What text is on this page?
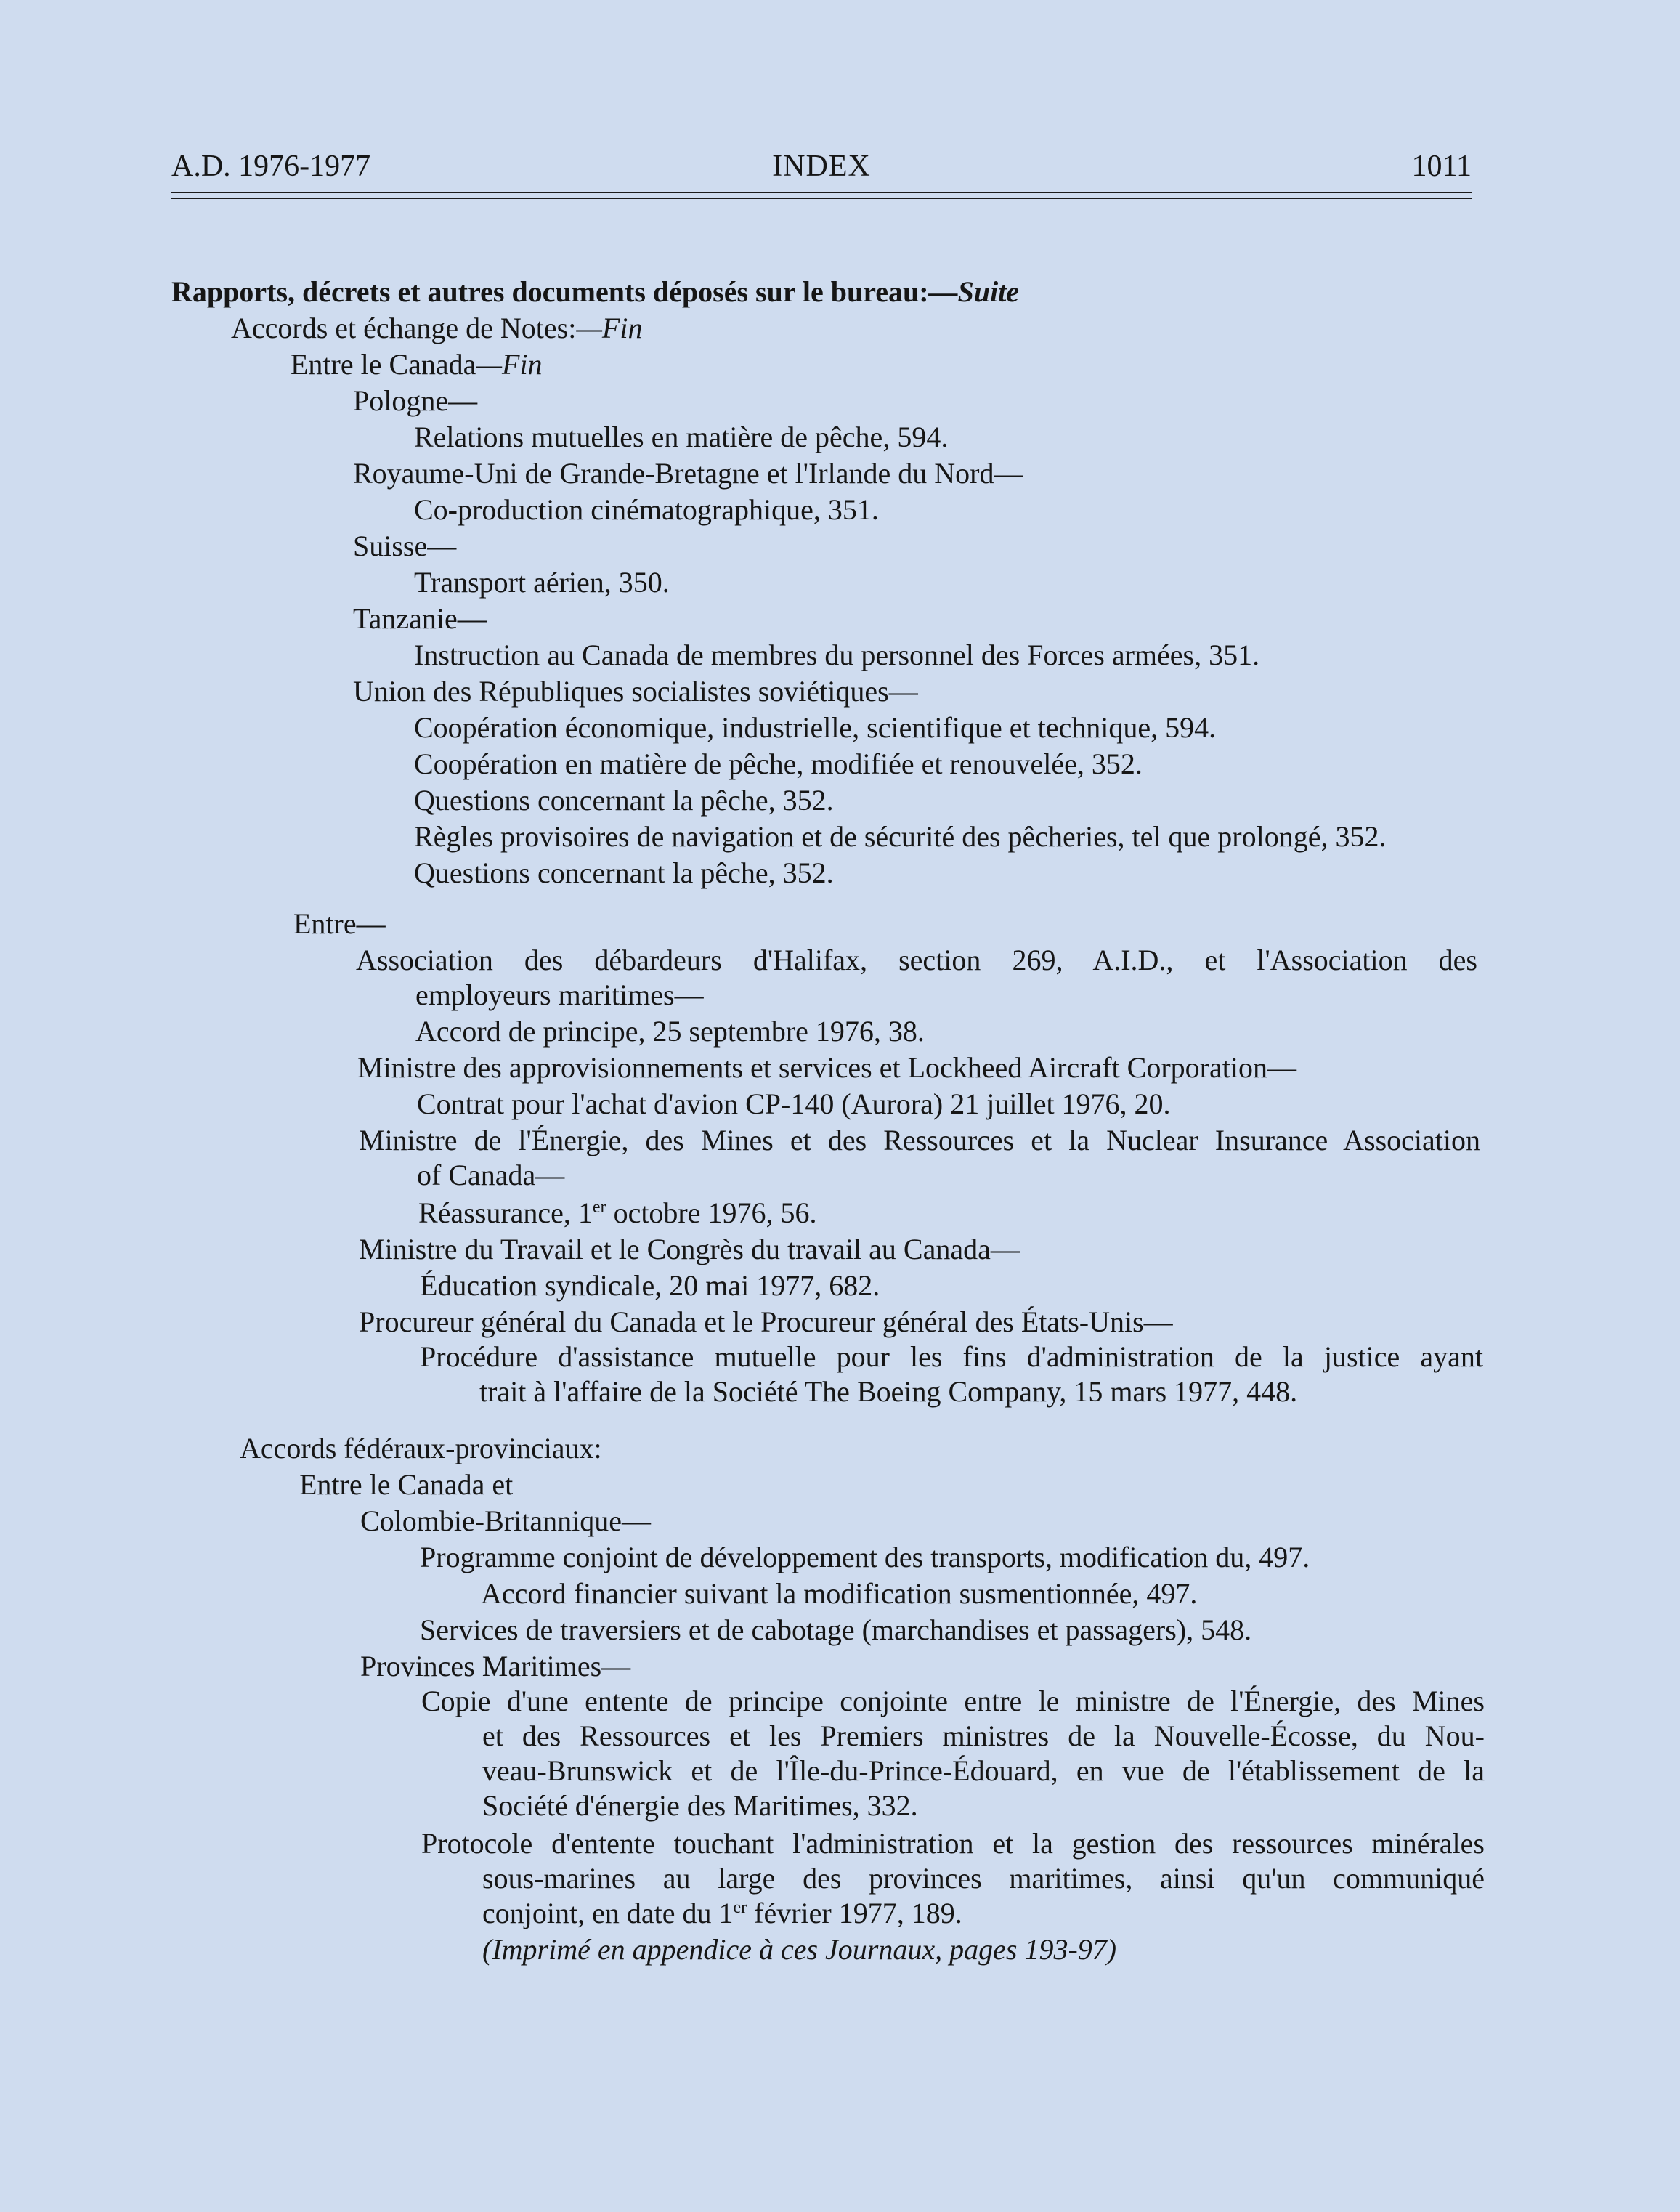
A.D. 1976-1977	INDEX	1011
Rapports, décrets et autres documents déposés sur le bureau:—Suite
Accords et échange de Notes:—Fin
Entre le Canada—Fin
Pologne—
Relations mutuelles en matière de pêche, 594.
Royaume-Uni de Grande-Bretagne et l'Irlande du Nord—
Co-production cinématographique, 351.
Suisse—
Transport aérien, 350.
Tanzanie—
Instruction au Canada de membres du personnel des Forces armées, 351.
Union des Républiques socialistes soviétiques—
Coopération économique, industrielle, scientifique et technique, 594.
Coopération en matière de pêche, modifiée et renouvelée, 352.
Questions concernant la pêche, 352.
Règles provisoires de navigation et de sécurité des pêcheries, tel que prolongé, 352.
Questions concernant la pêche, 352.
Entre—
Association des débardeurs d'Halifax, section 269, A.I.D., et l'Association des
employeurs maritimes—
Accord de principe, 25 septembre 1976, 38.
Ministre des approvisionnements et services et Lockheed Aircraft Corporation—
Contrat pour l'achat d'avion CP-140 (Aurora) 21 juillet 1976, 20.
Ministre de l'Énergie, des Mines et des Ressources et la Nuclear Insurance Association
of Canada—
Réassurance, 1er octobre 1976, 56.
Ministre du Travail et le Congrès du travail au Canada—
Éducation syndicale, 20 mai 1977, 682.
Procureur général du Canada et le Procureur général des États-Unis—
Procédure d'assistance mutuelle pour les fins d'administration de la justice ayant
trait à l'affaire de la Société The Boeing Company, 15 mars 1977, 448.
Accords fédéraux-provinciaux:
Entre le Canada et
Colombie-Britannique—
Programme conjoint de développement des transports, modification du, 497.
Accord financier suivant la modification susmentionnée, 497.
Services de traversiers et de cabotage (marchandises et passagers), 548.
Provinces Maritimes—
Copie d'une entente de principe conjointe entre le ministre de l'Énergie, des Mines
et des Ressources et les Premiers ministres de la Nouvelle-Écosse, du Nou-
veau-Brunswick et de l'Île-du-Prince-Édouard, en vue de l'établissement de la
Société d'énergie des Maritimes, 332.
Protocole d'entente touchant l'administration et la gestion des ressources minérales
sous-marines au large des provinces maritimes, ainsi qu'un communiqué
conjoint, en date du 1er février 1977, 189.
(Imprimé en appendice à ces Journaux, pages 193-97)
